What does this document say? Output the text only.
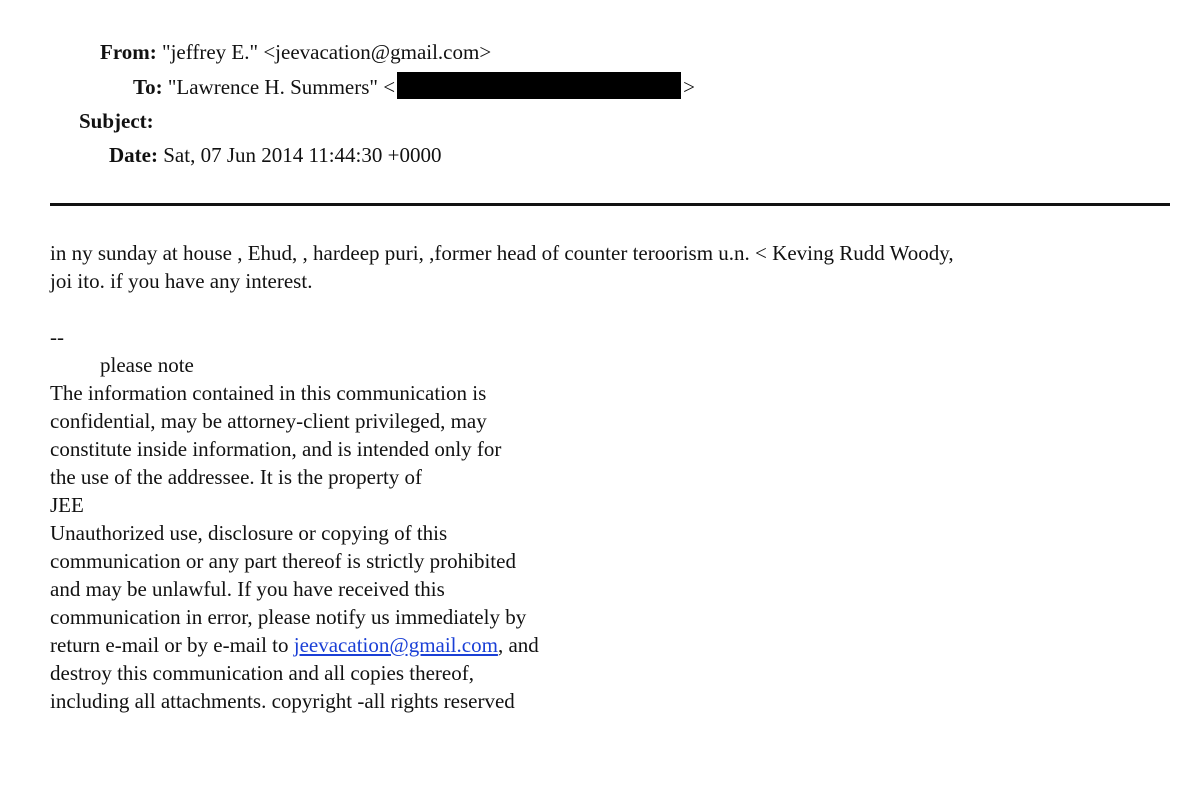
From: "jeffrey E." <jeevacation@gmail.com>
To: "Lawrence H. Summers" <	>
Subject:
Date: Sat, 07 Jun 2014 11:44:30 +0000
in ny sunday at house , Ehud, , hardeep puri, ,former head of counter teroorism u.n. < Keving Rudd Woody,
joi ito. if you have any interest.
--
please note
The information contained in this communication is
confidential, may be attorney-client privileged, may
constitute inside information, and is intended only for
the use of the addressee. It is the property of
JEE
Unauthorized use, disclosure or copying of this
communication or any part thereof is strictly prohibited
and may be unlawful. If you have received this
communication in error, please notify us immediately by
return e-mail or by e-mail to jeevacation@gmail.com, and
destroy this communication and all copies thereof,
including all attachments. copyright -all rights reserved
